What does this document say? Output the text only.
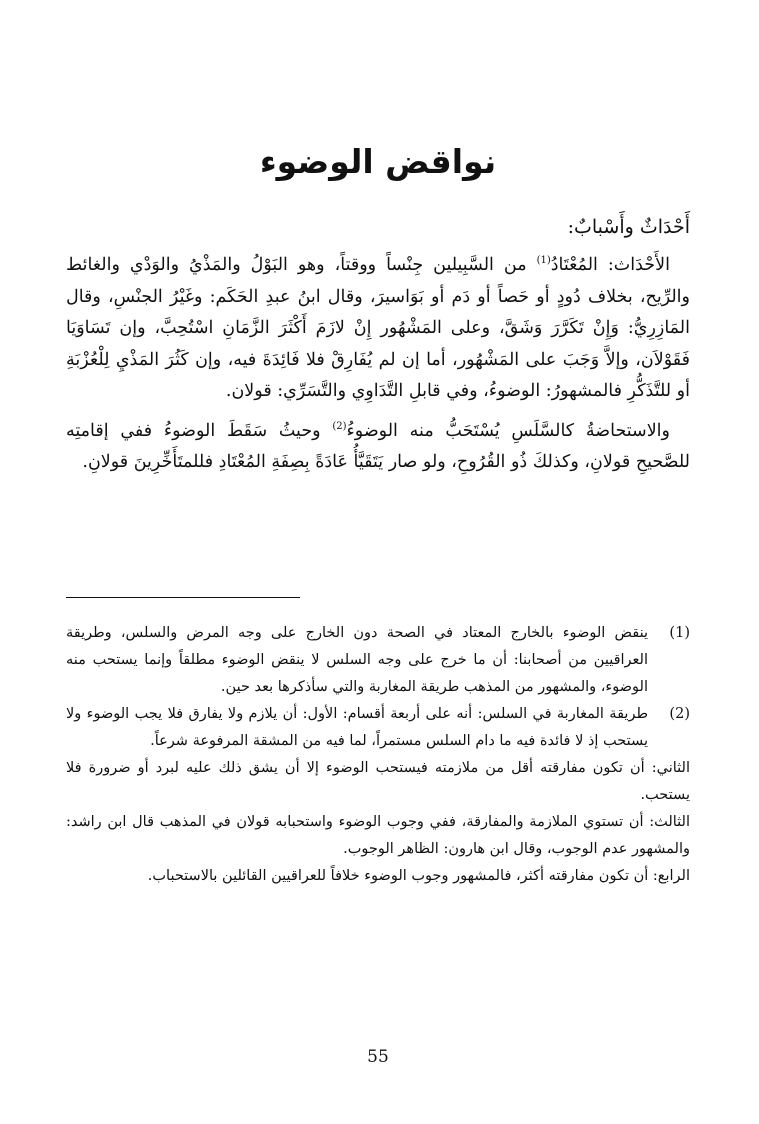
نواقض الوضوء
أَحْدَاثٌ وأَسْبابٌ:

الأَحْدَاث: المُعْتَادُ$^{(1)}$ من السَّبِيلين جِنْساً ووقتاً، وهو البَوْلُ والمَذْيُ والوَدْي والغائط والرِّيح، بخلاف دُودٍ أو حَصاً أو دَم أو بَوَاسيرَ، وقال ابنُ عبدِ الحَكَم: وغَيْرُ الجنْسِ، وقال المَازِرِيُّ: وَإِنْ تَكَرَّرَ وَشَقَّ، وعلى المَشْهُور إِنْ لازَمَ أَكْثَرَ الزَّمَانِ اسْتُحِبَّ، وإن تَسَاوَيَا فَقَوْلاَن، وإلاَّ وَجَبَ على المَشْهُور، أما إن لم يُفَارِقْ فلا فَائِدَةَ فيه، وإن كَثُرَ المَذْيِ لِلْعُزْبَةِ أو للتَّذَكُّرِ فالمشهورُ: الوضوءُ، وفي قابلِ التَّدَاوِي والتَّسَرِّي: قولان.

والاستحاضةُ كالسَّلَسِ يُسْتَحَبُّ منه الوضوءُ$^{(2)}$ وحيثُ سَقَطَ الوضوءُ ففي إقامتِه للصَّحيحِ قولانِ، وكذلكَ ذُو القُرُوحِ، ولو صار يَتَقَيَّأُ عَادَةً بِصِفَةِ المُعْتَادِ فللمتَأَخِّرِينَ قولانِ.

(1)
ينقض الوضوء بالخارج المعتاد في الصحة دون الخارج على وجه المرض والسلس، وطريقة العراقيين من أصحابنا: أن ما خرج على وجه السلس لا ينقض الوضوء مطلقاً وإنما يستحب منه الوضوء، والمشهور من المذهب طريقة المغاربة والتي سأذكرها بعد حين.
(2)
طريقة المغاربة في السلس: أنه على أربعة أقسام: الأول: أن يلازم ولا يفارق فلا يجب الوضوء ولا يستحب إذ لا فائدة فيه ما دام السلس مستمراً، لما فيه من المشقة المرفوعة شرعاً.
الثاني: أن تكون مفارقته أقل من ملازمته فيستحب الوضوء إلا أن يشق ذلك عليه لبرد أو ضرورة فلا يستحب.
الثالث: أن تستوي الملازمة والمفارقة، ففي وجوب الوضوء واستحبابه قولان في المذهب قال ابن راشد: والمشهور عدم الوجوب، وقال ابن هارون: الظاهر الوجوب.
الرابع: أن تكون مفارقته أكثر، فالمشهور وجوب الوضوء خلافاً للعراقيين القائلين بالاستحباب.
55
